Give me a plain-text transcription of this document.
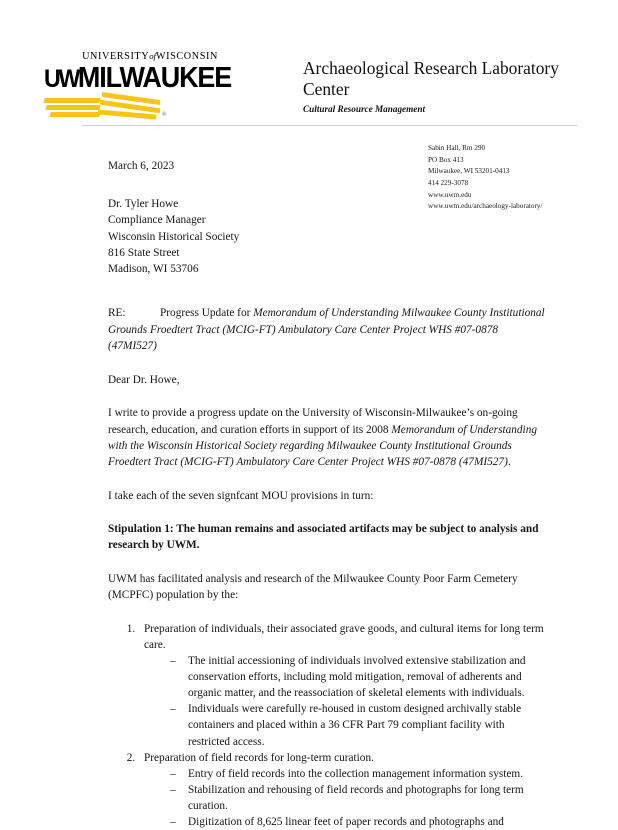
UNIVERSITYofWISCONSIN
UWMILWAUKEE
®
Archaeological Research Laboratory Center
Cultural Resource Management
Sabin Hall, Rm 290
PO Box 413
Milwaukee, WI 53201-0413
414 229-3078
www.uwm.edu
www.uwm.edu/archaeology-laboratory/
March 6, 2023
Dr. Tyler Howe
Compliance Manager
Wisconsin Historical Society
816 State Street
Madison, WI 53706
RE:	Progress Update for Memorandum of Understanding Milwaukee County Institutional Grounds Froedtert Tract (MCIG-FT) Ambulatory Care Center Project WHS #07-0878 (47MI527)

Dear Dr. Howe,

I write to provide a progress update on the University of Wisconsin-Milwaukee’s on-going research, education, and curation efforts in support of its 2008 Memorandum of Understanding with the Wisconsin Historical Society regarding Milwaukee County Institutional Grounds Froedtert Tract (MCIG-FT) Ambulatory Care Center Project WHS #07-0878 (47MI527).

I take each of the seven signfcant MOU provisions in turn:

Stipulation 1: The human remains and associated artifacts may be subject to analysis and research by UWM.

UWM has facilitated analysis and research of the Milwaukee County Poor Farm Cemetery (MCPFC) population by the:

1. Preparation of individuals, their associated grave goods, and cultural items for long term care.
– The initial accessioning of individuals involved extensive stabilization and conservation efforts, including mold mitigation, removal of adherents and organic matter, and the reassociation of skeletal elements with individuals.
– Individuals were carefully re-housed in custom designed archivally stable containers and placed within a 36 CFR Part 79 compliant facility with restricted access.
2. Preparation of field records for long-term curation.
– Entry of field records into the collection management information system.
– Stabilization and rehousing of field records and photographs for long term curation.
– Digitization of 8,625 linear feet of paper records and photographs and
